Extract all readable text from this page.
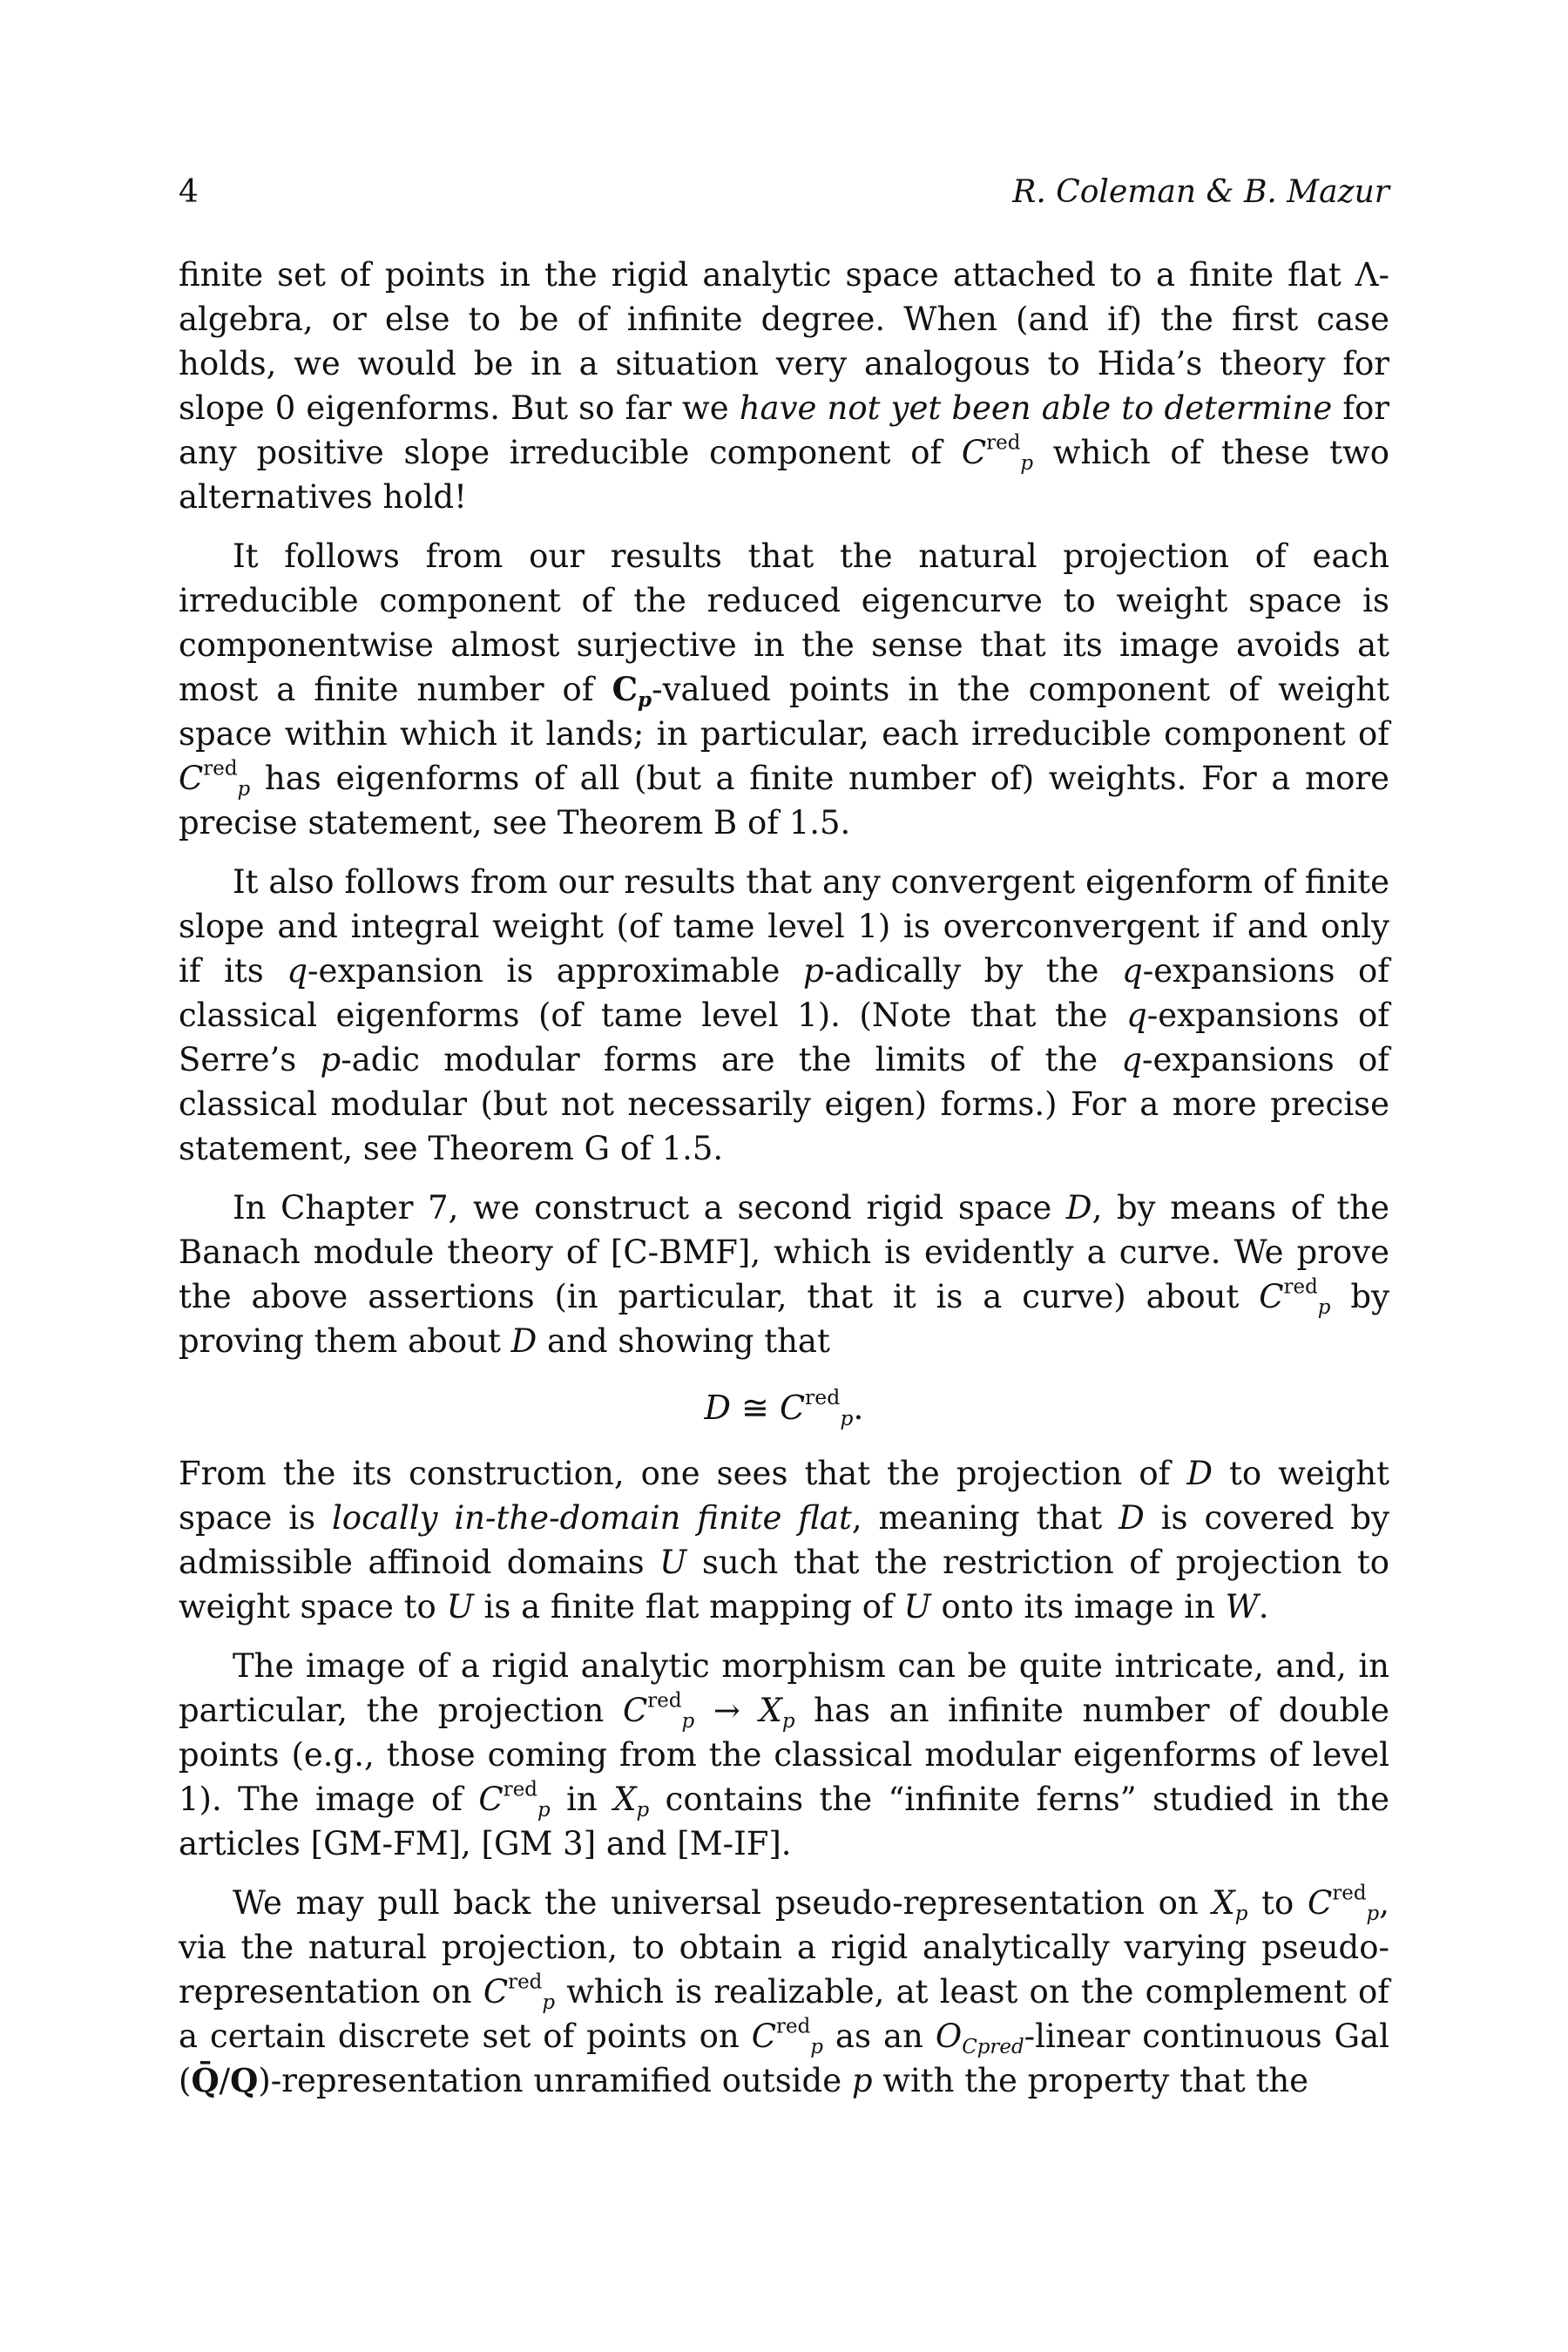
4	R. Coleman & B. Mazur

finite set of points in the rigid analytic space attached to a finite flat Λ-algebra, or else to be of infinite degree. When (and if) the first case holds, we would be in a situation very analogous to Hida’s theory for slope 0 eigenforms. But so far we have not yet been able to determine for any positive slope irreducible component of $C^{red}_p$ which of these two alternatives hold!

It follows from our results that the natural projection of each irreducible component of the reduced eigencurve to weight space is componentwise almost surjective in the sense that its image avoids at most a finite number of $C_p$-valued points in the component of weight space within which it lands; in particular, each irreducible component of $C^{red}_p$ has eigenforms of all (but a finite number of) weights. For a more precise statement, see Theorem B of 1.5.

It also follows from our results that any convergent eigenform of finite slope and integral weight (of tame level 1) is overconvergent if and only if its q-expansion is approximable p-adically by the q-expansions of classical eigenforms (of tame level 1). (Note that the q-expansions of Serre’s p-adic modular forms are the limits of the q-expansions of classical modular (but not necessarily eigen) forms.) For a more precise statement, see Theorem G of 1.5.

In Chapter 7, we construct a second rigid space D, by means of the Banach module theory of [C-BMF], which is evidently a curve. We prove the above assertions (in particular, that it is a curve) about $C^{red}_p$ by proving them about D and showing that

D ≅ $C^{red}_p$.

From the its construction, one sees that the projection of D to weight space is locally in-the-domain finite flat, meaning that D is covered by admissible affinoid domains U such that the restriction of projection to weight space to U is a finite flat mapping of U onto its image in W.

The image of a rigid analytic morphism can be quite intricate, and, in particular, the projection $C^{red}_p \to X_p$ has an infinite number of double points (e.g., those coming from the classical modular eigenforms of level 1). The image of $C^{red}_p$ in $X_p$ contains the “infinite ferns” studied in the articles [GM-FM], [GM 3] and [M-IF].

We may pull back the universal pseudo-representation on $X_p$ to $C^{red}_p$, via the natural projection, to obtain a rigid analytically varying pseudo-representation on $C^{red}_p$ which is realizable, at least on the complement of a certain discrete set of points on $C^{red}_p$ as an $O_{Cpred}$-linear continuous Gal (Q̄/Q)-representation unramified outside p with the property that the
